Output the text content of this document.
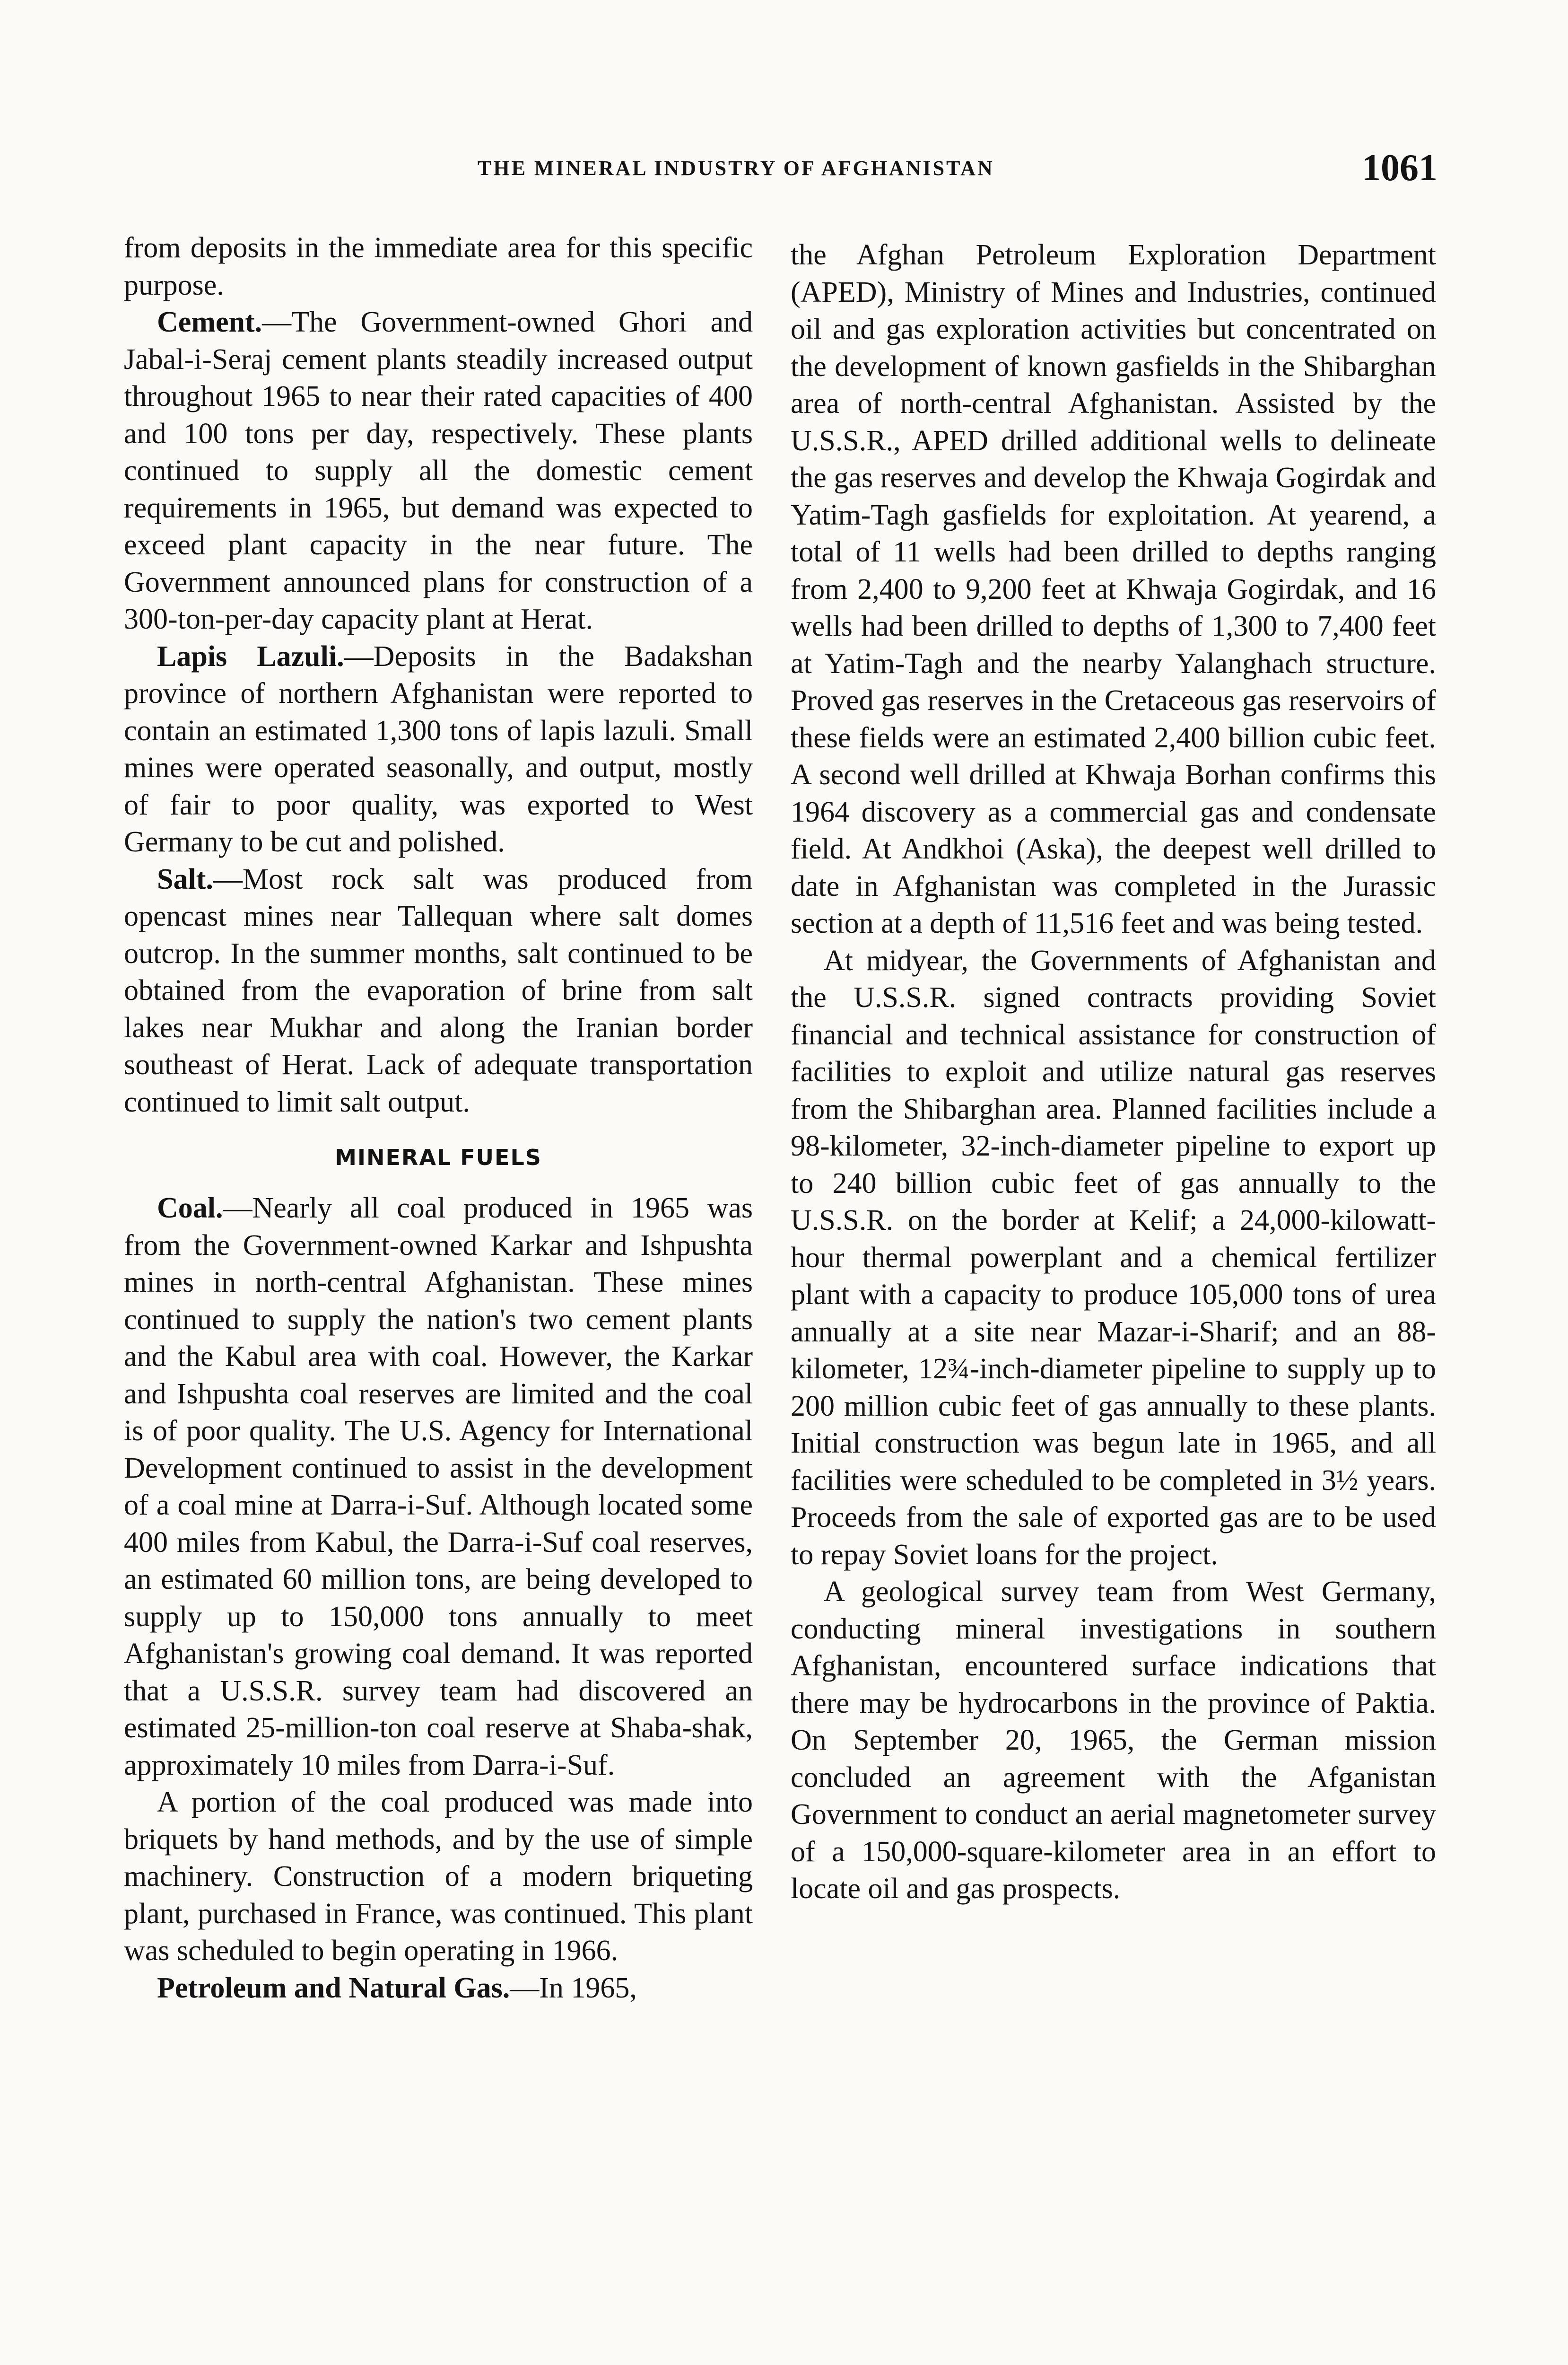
THE MINERAL INDUSTRY OF AFGHANISTAN	1061

from deposits in the immediate area for this specific purpose.

Cement.—The Government-owned Ghori and Jabal-i-Seraj cement plants steadily increased output throughout 1965 to near their rated capacities of 400 and 100 tons per day, respectively. These plants continued to supply all the domestic cement requirements in 1965, but demand was expected to exceed plant capacity in the near future. The Government announced plans for construction of a 300-ton-per-day capacity plant at Herat.

Lapis Lazuli.—Deposits in the Badakshan province of northern Afghanistan were reported to contain an estimated 1,300 tons of lapis lazuli. Small mines were operated seasonally, and output, mostly of fair to poor quality, was exported to West Germany to be cut and polished.

Salt.—Most rock salt was produced from opencast mines near Tallequan where salt domes outcrop. In the summer months, salt continued to be obtained from the evaporation of brine from salt lakes near Mukhar and along the Iranian border southeast of Herat. Lack of adequate transportation continued to limit salt output.

MINERAL FUELS

Coal.—Nearly all coal produced in 1965 was from the Government-owned Karkar and Ishpushta mines in north-central Afghanistan. These mines continued to supply the nation's two cement plants and the Kabul area with coal. However, the Karkar and Ishpushta coal reserves are limited and the coal is of poor quality. The U.S. Agency for International Development continued to assist in the development of a coal mine at Darra-i-Suf. Although located some 400 miles from Kabul, the Darra-i-Suf coal reserves, an estimated 60 million tons, are being developed to supply up to 150,000 tons annually to meet Afghanistan's growing coal demand. It was reported that a U.S.S.R. survey team had discovered an estimated 25-million-ton coal reserve at Shaba-shak, approximately 10 miles from Darra-i-Suf.

A portion of the coal produced was made into briquets by hand methods, and by the use of simple machinery. Construction of a modern briqueting plant, purchased in France, was continued. This plant was scheduled to begin operating in 1966.

Petroleum and Natural Gas.—In 1965,

the Afghan Petroleum Exploration Department (APED), Ministry of Mines and Industries, continued oil and gas exploration activities but concentrated on the development of known gasfields in the Shibarghan area of north-central Afghanistan. Assisted by the U.S.S.R., APED drilled additional wells to delineate the gas reserves and develop the Khwaja Gogirdak and Yatim-Tagh gasfields for exploitation. At yearend, a total of 11 wells had been drilled to depths ranging from 2,400 to 9,200 feet at Khwaja Gogirdak, and 16 wells had been drilled to depths of 1,300 to 7,400 feet at Yatim-Tagh and the nearby Yalanghach structure. Proved gas reserves in the Cretaceous gas reservoirs of these fields were an estimated 2,400 billion cubic feet. A second well drilled at Khwaja Borhan confirms this 1964 discovery as a commercial gas and condensate field. At Andkhoi (Aska), the deepest well drilled to date in Afghanistan was completed in the Jurassic section at a depth of 11,516 feet and was being tested.

At midyear, the Governments of Afghanistan and the U.S.S.R. signed contracts providing Soviet financial and technical assistance for construction of facilities to exploit and utilize natural gas reserves from the Shibarghan area. Planned facilities include a 98-kilometer, 32-inch-diameter pipeline to export up to 240 billion cubic feet of gas annually to the U.S.S.R. on the border at Kelif; a 24,000-kilowatt-hour thermal powerplant and a chemical fertilizer plant with a capacity to produce 105,000 tons of urea annually at a site near Mazar-i-Sharif; and an 88-kilometer, 12¾-inch-diameter pipeline to supply up to 200 million cubic feet of gas annually to these plants. Initial construction was begun late in 1965, and all facilities were scheduled to be completed in 3½ years. Proceeds from the sale of exported gas are to be used to repay Soviet loans for the project.

A geological survey team from West Germany, conducting mineral investigations in southern Afghanistan, encountered surface indications that there may be hydrocarbons in the province of Paktia. On September 20, 1965, the German mission concluded an agreement with the Afganistan Government to conduct an aerial magnetometer survey of a 150,000-square-kilometer area in an effort to locate oil and gas prospects.
